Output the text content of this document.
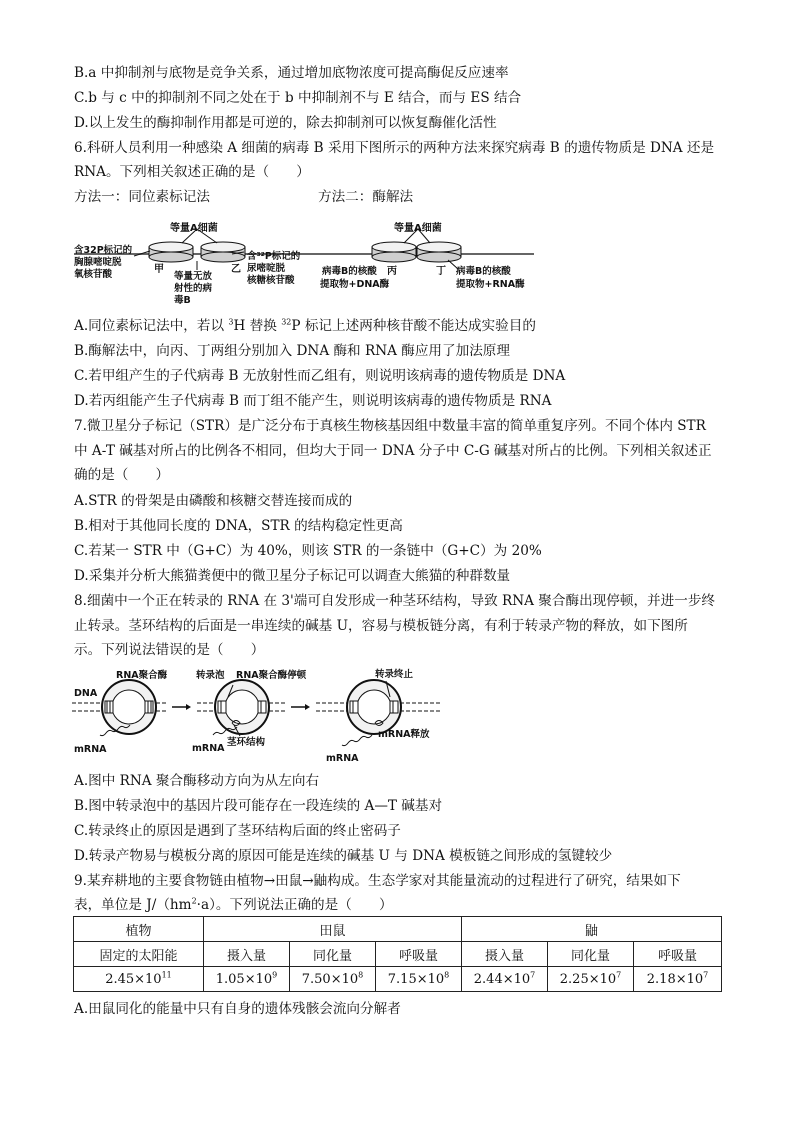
B.a 中抑制剂与底物是竞争关系，通过增加底物浓度可提高酶促反应速率
C.b 与 c 中的抑制剂不同之处在于 b 中抑制剂不与 E 结合，而与 ES 结合
D.以上发生的酶抑制作用都是可逆的，除去抑制剂可以恢复酶催化活性
6.科研人员利用一种感染 A 细菌的病毒 B 采用下图所示的两种方法来探究病毒 B 的遗传物质是 DNA 还是
RNA。下列相关叙述正确的是（　　）
方法一：同位素标记法	方法二：酶解法
等量A细菌
含32P标记的
胸腺嘧啶脱
氧核苷酸	甲	乙
等量无放
射性的病
毒B
含³²P标记的
尿嘧啶脱
核糖核苷酸
等量A细菌
病毒B的核酸 丙
提取物+DNA酶
丁 病毒B的核酸
提取物+RNA酶
A.同位素标记法中，若以 $^3$H 替换 $^{32}$P 标记上述两种核苷酸不能达成实验目的
B.酶解法中，向丙、丁两组分别加入 DNA 酶和 RNA 酶应用了加法原理
C.若甲组产生的子代病毒 B 无放射性而乙组有，则说明该病毒的遗传物质是 DNA
D.若丙组能产生子代病毒 B 而丁组不能产生，则说明该病毒的遗传物质是 RNA
7.微卫星分子标记（STR）是广泛分布于真核生物核基因组中数量丰富的简单重复序列。不同个体内 STR
中 A-T 碱基对所占的比例各不相同，但均大于同一 DNA 分子中 C-G 碱基对所占的比例。下列相关叙述正
确的是（　　）
A.STR 的骨架是由磷酸和核糖交替连接而成的
B.相对于其他同长度的 DNA，STR 的结构稳定性更高
C.若某一 STR 中（G+C）为 40%，则该 STR 的一条链中（G+C）为 20%
D.采集并分析大熊猫粪便中的微卫星分子标记可以调查大熊猫的种群数量
8.细菌中一个正在转录的 RNA 在 3'端可自发形成一种茎环结构，导致 RNA 聚合酶出现停顿，并进一步终
止转录。茎环结构的后面是一串连续的碱基 U，容易与模板链分离，有利于转录产物的释放，如下图所
示。下列说法错误的是（　　）
DNA
RNA聚合酶
mRNA
转录泡 RNA聚合酶停顿
茎环结构
mRNA
转录终止
mRNA释放
mRNA
A.图中 RNA 聚合酶移动方向为从左向右
B.图中转录泡中的基因片段可能存在一段连续的 A—T 碱基对
C.转录终止的原因是遇到了茎环结构后面的终止密码子
D.转录产物易与模板分离的原因可能是连续的碱基 U 与 DNA 模板链之间形成的氢键较少
9.某弃耕地的主要食物链由植物→田鼠→鼬构成。生态学家对其能量流动的过程进行了研究，结果如下
表，单位是 $J/(hm^2\cdot a)$。下列说法正确的是（　　）
植物	田鼠			鼬		
固定的太阳能	摄入量	同化量	呼吸量	摄入量	同化量	呼吸量
$2.45\times 10^{11}$	$1.05\times 10^9$	$7.50\times 10^8$	$7.15\times 10^8$	$2.44\times 10^7$	$2.25\times 10^7$	$2.18\times 10^7$
A.田鼠同化的能量中只有自身的遗体残骸会流向分解者
